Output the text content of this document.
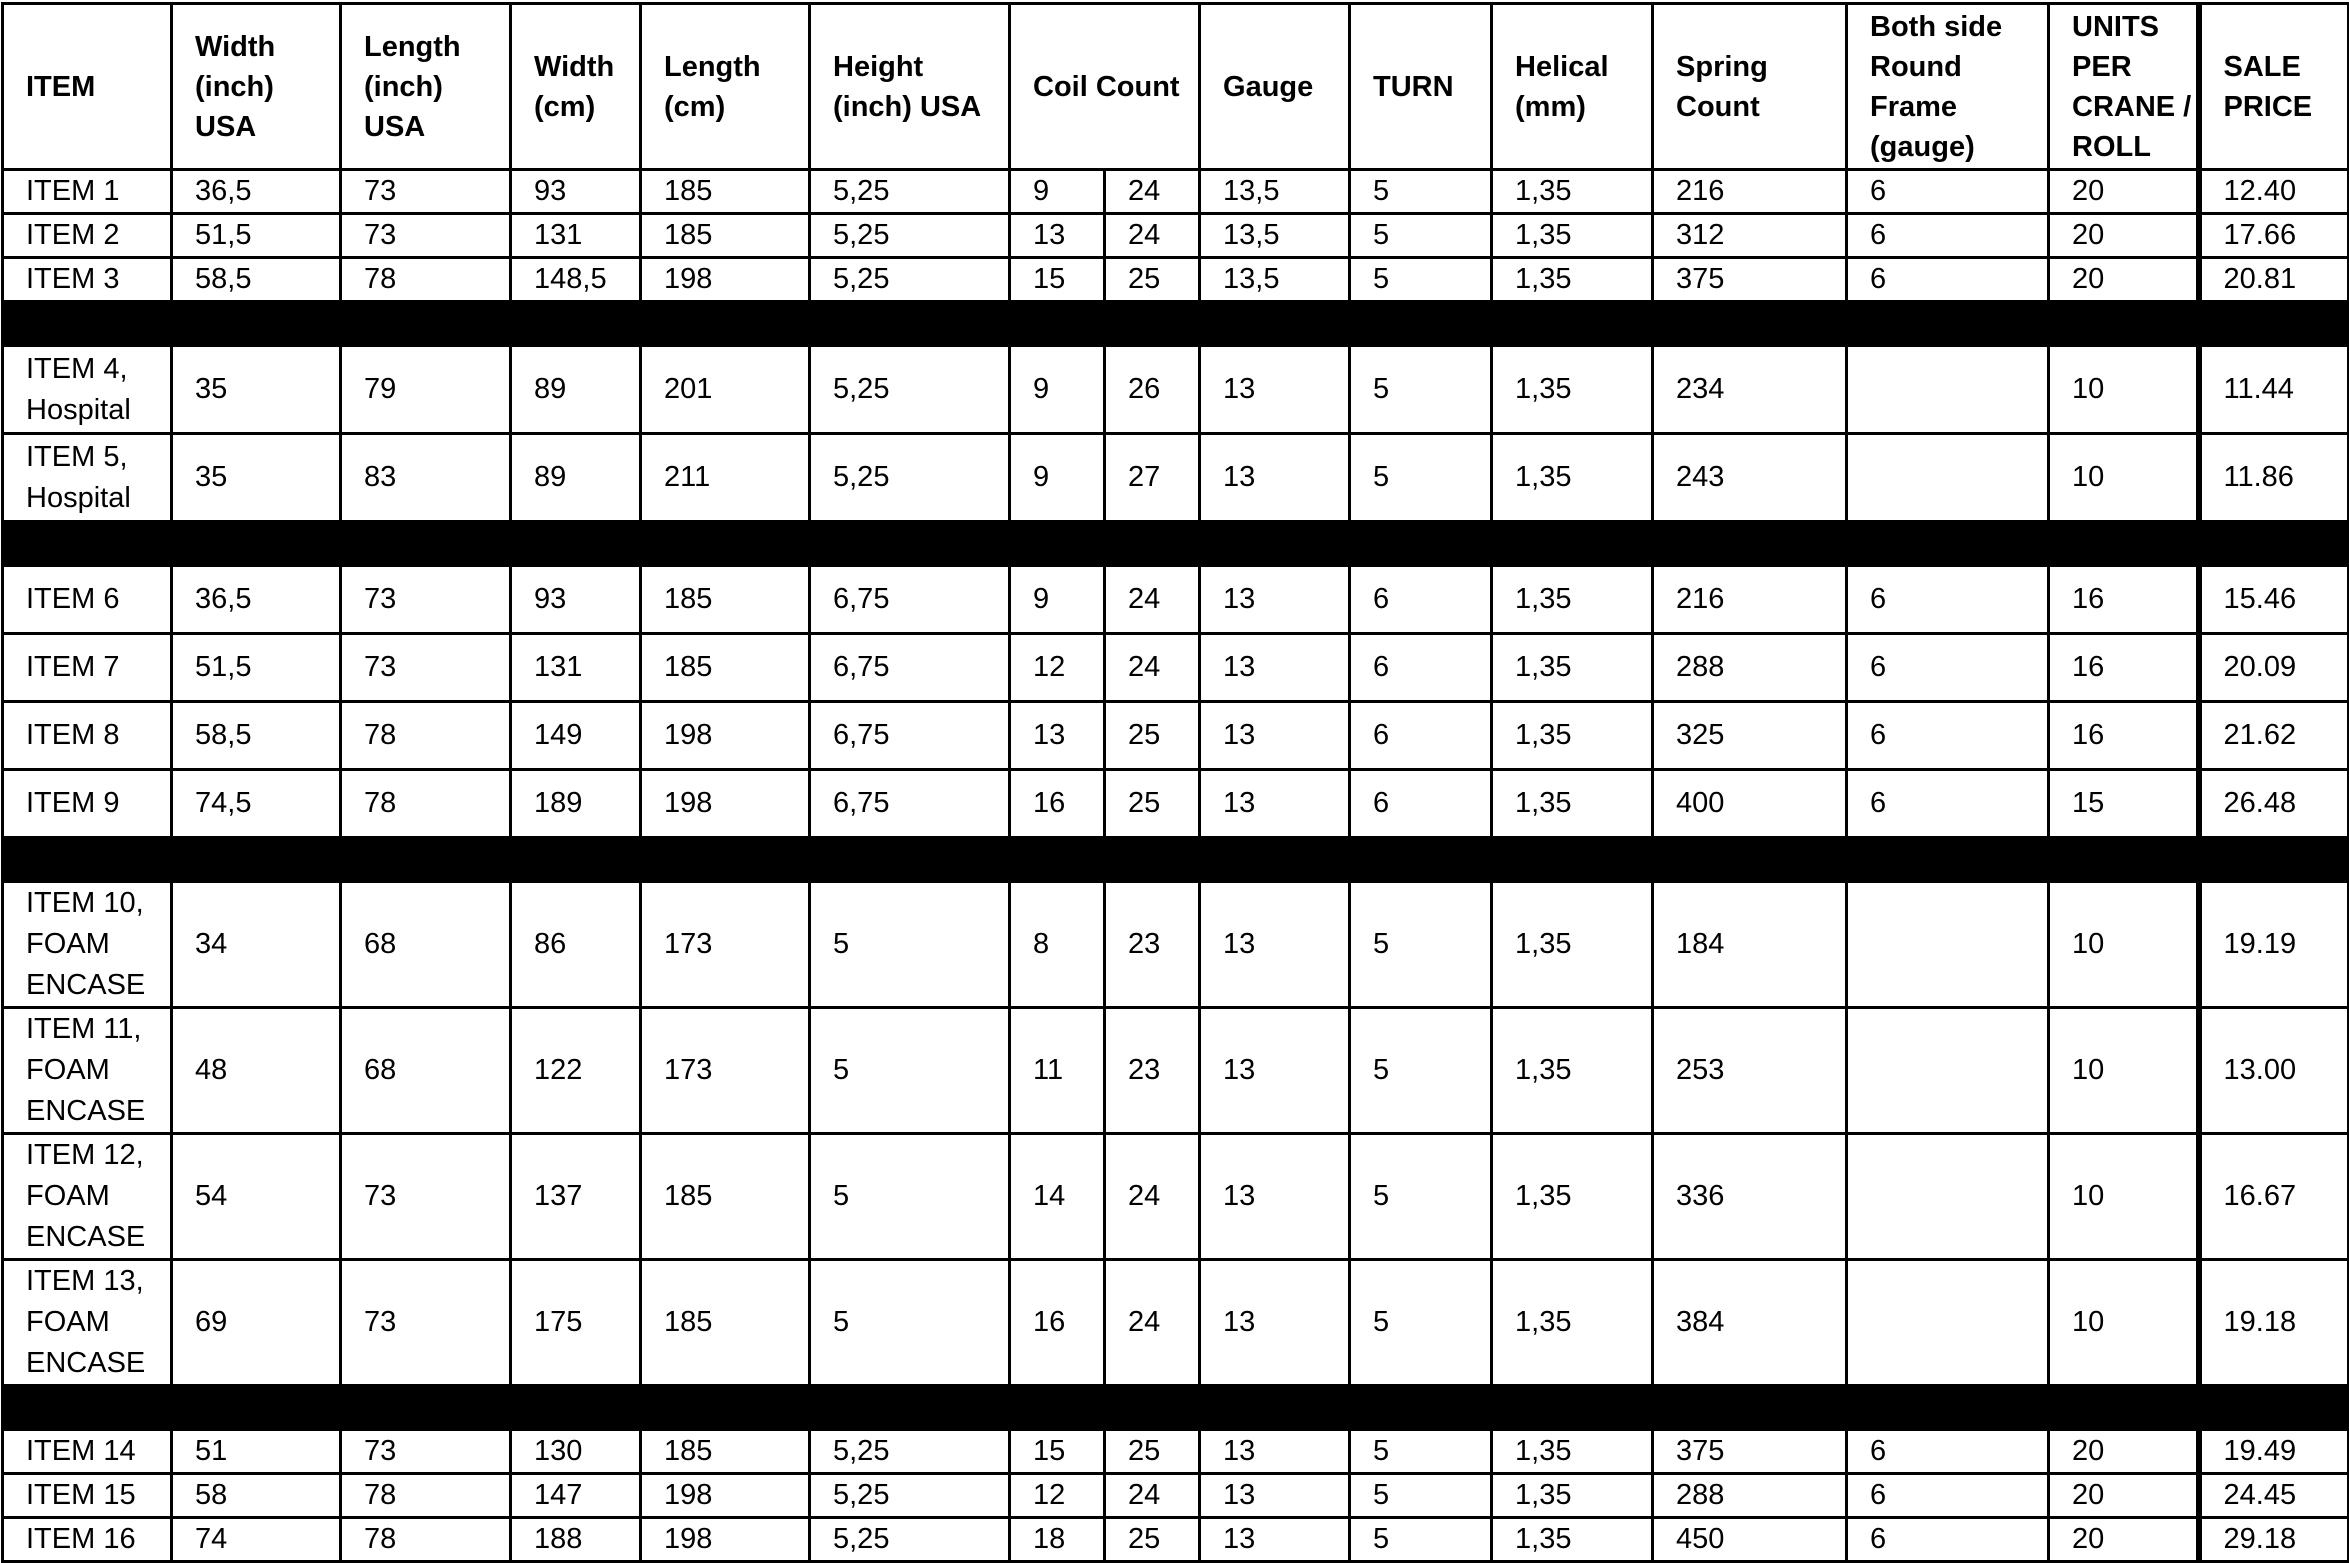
ITEM	Width (inch) USA	Length (inch) USA	Width (cm)	Length (cm)	Height (inch) USA	Coil Count		Gauge	TURN	Helical (mm)	Spring Count	Both side Round Frame (gauge)	UNITS PER CRANE / ROLL	SALE PRICE
ITEM 1	36,5	73	93	185	5,25	9	24	13,5	5	1,35	216	6	20	12.40
ITEM 2	51,5	73	131	185	5,25	13	24	13,5	5	1,35	312	6	20	17.66
ITEM 3	58,5	78	148,5	198	5,25	15	25	13,5	5	1,35	375	6	20	20.81

ITEM 4, Hospital	35	79	89	201	5,25	9	26	13	5	1,35	234		10	11.44
ITEM 5, Hospital	35	83	89	211	5,25	9	27	13	5	1,35	243		10	11.86

ITEM 6	36,5	73	93	185	6,75	9	24	13	6	1,35	216	6	16	15.46
ITEM 7	51,5	73	131	185	6,75	12	24	13	6	1,35	288	6	16	20.09
ITEM 8	58,5	78	149	198	6,75	13	25	13	6	1,35	325	6	16	21.62
ITEM 9	74,5	78	189	198	6,75	16	25	13	6	1,35	400	6	15	26.48

ITEM 10, FOAM ENCASE	34	68	86	173	5	8	23	13	5	1,35	184		10	19.19
ITEM 11, FOAM ENCASE	48	68	122	173	5	11	23	13	5	1,35	253		10	13.00
ITEM 12, FOAM ENCASE	54	73	137	185	5	14	24	13	5	1,35	336		10	16.67
ITEM 13, FOAM ENCASE	69	73	175	185	5	16	24	13	5	1,35	384		10	19.18

ITEM 14	51	73	130	185	5,25	15	25	13	5	1,35	375	6	20	19.49
ITEM 15	58	78	147	198	5,25	12	24	13	5	1,35	288	6	20	24.45
ITEM 16	74	78	188	198	5,25	18	25	13	5	1,35	450	6	20	29.18
